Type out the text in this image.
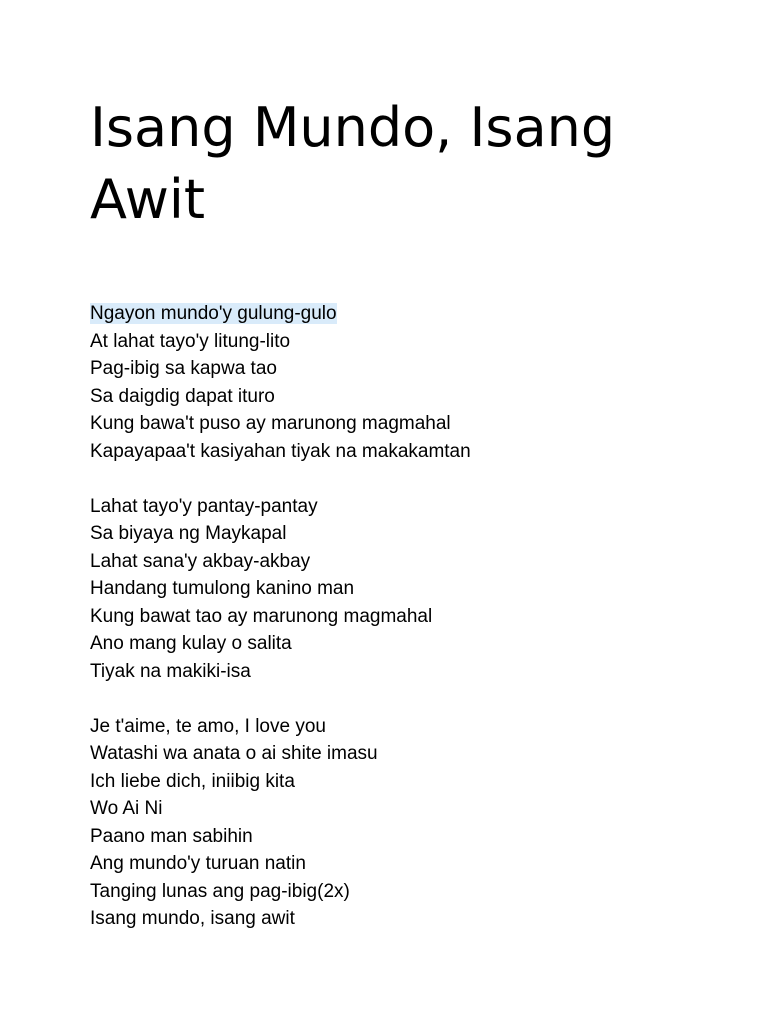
Isang Mundo, Isang Awit
Ngayon mundo'y gulung-gulo
At lahat tayo'y litung-lito
Pag-ibig sa kapwa tao
Sa daigdig dapat ituro
Kung bawa't puso ay marunong magmahal
Kapayapaa't kasiyahan tiyak na makakamtan
Lahat tayo'y pantay-pantay
Sa biyaya ng Maykapal
Lahat sana'y akbay-akbay
Handang tumulong kanino man
Kung bawat tao ay marunong magmahal
Ano mang kulay o salita
Tiyak na makiki-isa
Je t'aime, te amo, I love you
Watashi wa anata o ai shite imasu
Ich liebe dich, iniibig kita
Wo Ai Ni
Paano man sabihin
Ang mundo'y turuan natin
Tanging lunas ang pag-ibig(2x)
Isang mundo, isang awit
